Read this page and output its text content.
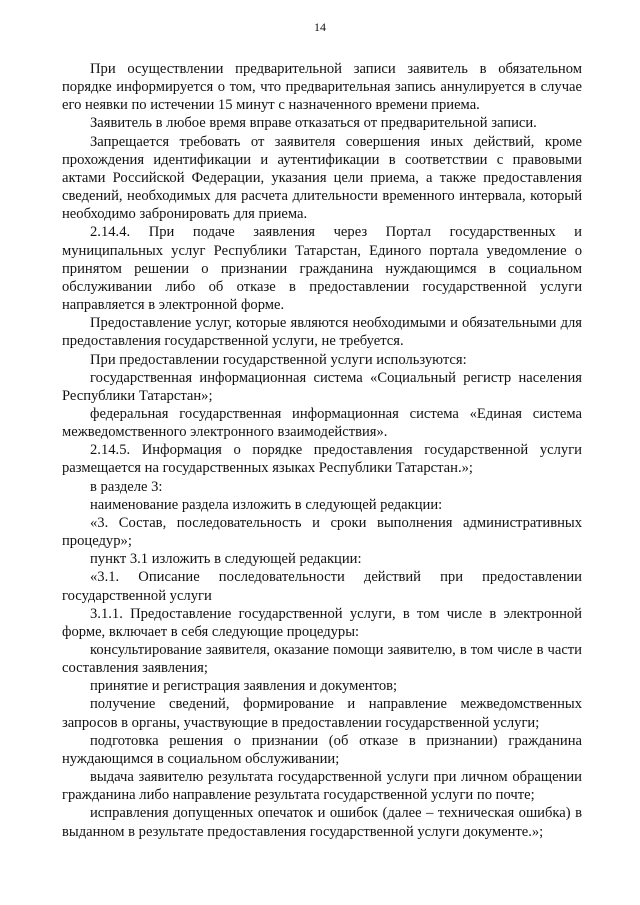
14

При осуществлении предварительной записи заявитель в обязательном порядке информируется о том, что предварительная запись аннулируется в случае его неявки по истечении 15 минут с назначенного времени приема.

Заявитель в любое время вправе отказаться от предварительной записи.

Запрещается требовать от заявителя совершения иных действий, кроме прохождения идентификации и аутентификации в соответствии с правовыми актами Российской Федерации, указания цели приема, а также предоставления сведений, необходимых для расчета длительности временного интервала, который необходимо забронировать для приема.

2.14.4. При подаче заявления через Портал государственных и муниципальных услуг Республики Татарстан, Единого портала уведомление о принятом решении о признании гражданина нуждающимся в социальном обслуживании либо об отказе в предоставлении государственной услуги направляется в электронной форме.

Предоставление услуг, которые являются необходимыми и обязательными для предоставления государственной услуги, не требуется.

При предоставлении государственной услуги используются:

государственная информационная система «Социальный регистр населения Республики Татарстан»;

федеральная государственная информационная система «Единая система межведомственного электронного взаимодействия».

2.14.5. Информация о порядке предоставления государственной услуги размещается на государственных языках Республики Татарстан.»;

в разделе 3:

наименование раздела изложить в следующей редакции:

«3. Состав, последовательность и сроки выполнения административных процедур»;

пункт 3.1 изложить в следующей редакции:

«3.1. Описание последовательности действий при предоставлении государственной услуги

3.1.1. Предоставление государственной услуги, в том числе в электронной форме, включает в себя следующие процедуры:

консультирование заявителя, оказание помощи заявителю, в том числе в части составления заявления;

принятие и регистрация заявления и документов;

получение сведений, формирование и направление межведомственных запросов в органы, участвующие в предоставлении государственной услуги;

подготовка решения о признании (об отказе в признании) гражданина нуждающимся в социальном обслуживании;

выдача заявителю результата государственной услуги при личном обращении гражданина либо направление результата государственной услуги по почте;

исправления допущенных опечаток и ошибок (далее – техническая ошибка) в выданном в результате предоставления государственной услуги документе.»;
